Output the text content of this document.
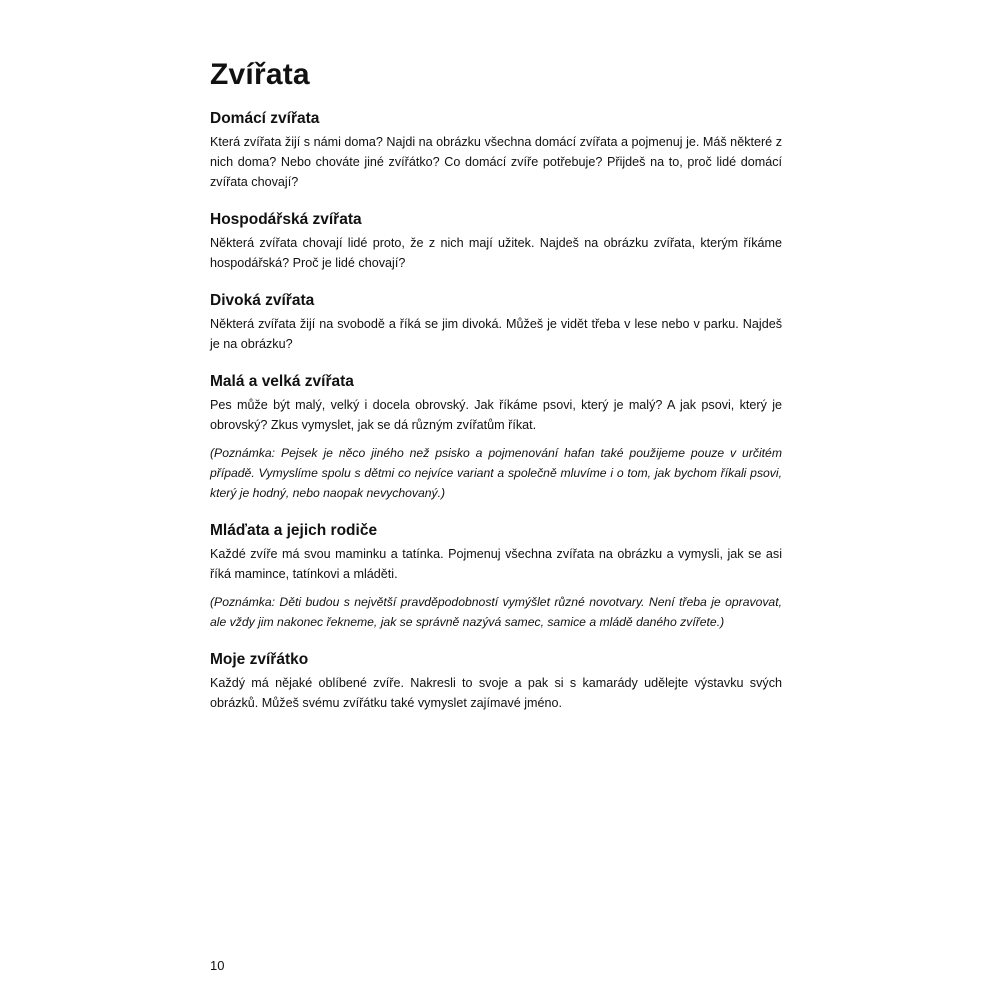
Zvířata
Domácí zvířata

Která zvířata žijí s námi doma? Najdi na obrázku všechna domácí zvířata a pojmenuj je. Máš některé z nich doma? Nebo chováte jiné zvířátko? Co domácí zvíře potřebuje? Přijdeš na to, proč lidé domácí zvířata chovají?

Hospodářská zvířata

Některá zvířata chovají lidé proto, že z nich mají užitek. Najdeš na obrázku zvířata, kterým říkáme hospodářská? Proč je lidé chovají?

Divoká zvířata

Některá zvířata žijí na svobodě a říká se jim divoká. Můžeš je vidět třeba v lese nebo v parku. Najdeš je na obrázku?

Malá a velká zvířata

Pes může být malý, velký i docela obrovský. Jak říkáme psovi, který je malý? A jak psovi, který je obrovský? Zkus vymyslet, jak se dá různým zvířatům říkat.

(Poznámka: Pejsek je něco jiného než psisko a pojmenování hafan také použijeme pouze v určitém případě. Vymyslíme spolu s dětmi co nejvíce variant a společně mluvíme i o tom, jak bychom říkali psovi, který je hodný, nebo naopak nevychovaný.)

Mláďata a jejich rodiče

Každé zvíře má svou maminku a tatínka. Pojmenuj všechna zvířata na obrázku a vymysli, jak se asi říká mamince, tatínkovi a mláděti.

(Poznámka: Děti budou s největší pravděpodobností vymýšlet různé novotvary. Není třeba je opravovat, ale vždy jim nakonec řekneme, jak se správně nazývá samec, samice a mládě daného zvířete.)

Moje zvířátko

Každý má nějaké oblíbené zvíře. Nakresli to svoje a pak si s kamarády udělejte výstavku svých obrázků. Můžeš svému zvířátku také vymyslet zajímavé jméno.

10
